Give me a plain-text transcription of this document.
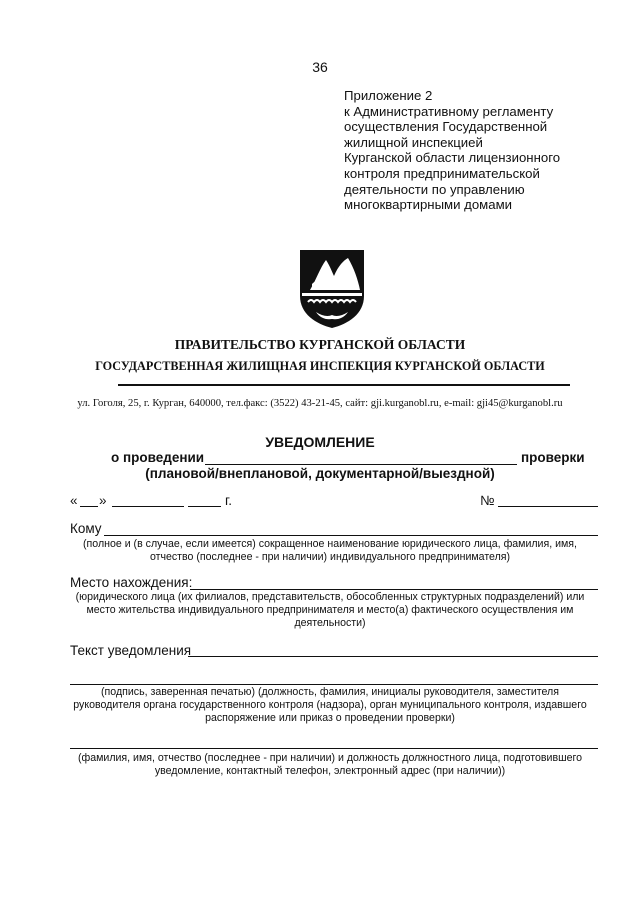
36
Приложение 2
к Административному регламенту
осуществления Государственной
жилищной инспекцией
Курганской области лицензионного
контроля предпринимательской
деятельности по управлению
многоквартирными домами
ПРАВИТЕЛЬСТВО КУРГАНСКОЙ ОБЛАСТИ
ГОСУДАРСТВЕННАЯ ЖИЛИЩНАЯ ИНСПЕКЦИЯ КУРГАНСКОЙ ОБЛАСТИ
ул. Гоголя, 25, г. Курган, 640000, тел.факс: (3522) 43-21-45, сайт: gji.kurganobl.ru, e-mail: gji45@kurganobl.ru
УВЕДОМЛЕНИЕ
о проведении	проверки
(плановой/внеплановой, документарной/выездной)
« »	г.	№
Кому
(полное и (в случае, если имеется) сокращенное наименование юридического лица, фамилия, имя,
отчество (последнее - при наличии) индивидуального предпринимателя)
Место нахождения:
(юридического лица (их филиалов, представительств, обособленных структурных подразделений) или
место жительства индивидуального предпринимателя и место(а) фактического осуществления им
деятельности)
Текст уведомления
(подпись, заверенная печатью) (должность, фамилия, инициалы руководителя, заместителя
руководителя органа государственного контроля (надзора), орган муниципального контроля, издавшего
распоряжение или приказ о проведении проверки)
(фамилия, имя, отчество (последнее - при наличии) и должность должностного лица, подготовившего
уведомление, контактный телефон, электронный адрес (при наличии))
